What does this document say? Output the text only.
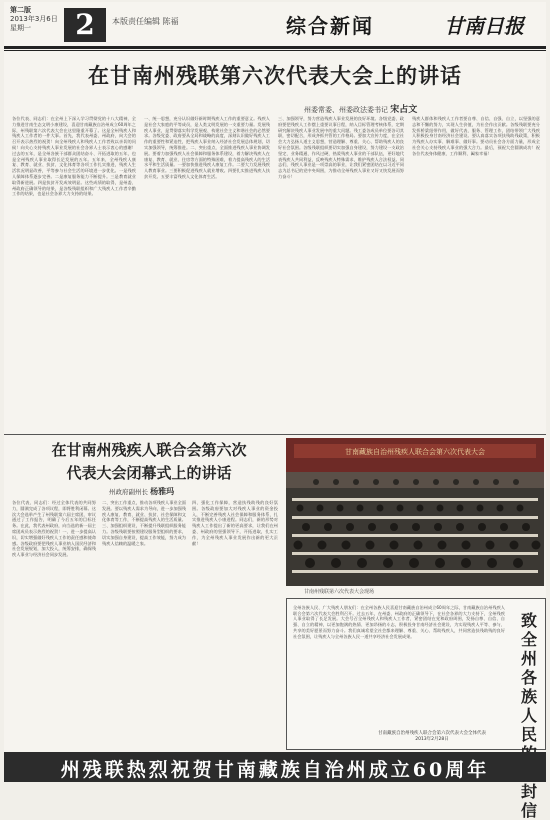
第二版
2013年3月6日
星期一	2	本版责任编辑 陈福	综合新闻	甘南日报
在甘南州残联第六次代表大会上的讲话
州委常委、州委政法委书记 宋占文
各位代表、同志们：在全州上下深入学习贯彻党的十八大精神，全力推进甘南生态文明小康建设，喜迎甘南藏族自治州成立60周年之际，州残联第六次代表大会在这里隆重开幕了。这是全州残疾人和残疾人工作者的一件大事。首先，我代表州委、州政府，向大会的召开表示热烈的祝贺！向全州残疾人和残疾人工作者致以亲切的问候！向关心支持残疾人事业发展的社会各界人士表示衷心的感谢！过去的五年，是全州各族干部群众团结奋斗、开拓进取的五年，也是全州残疾人事业取得长足发展的五年。五年来，全州残疾人康复、教育、就业、扶贫、文化体育等各项工作扎实推进，残疾人生活状况明显改善，平等参与社会生活的环境进一步优化。一是残疾人保障体系逐步完善。二是康复服务能力不断提升。三是教育就业取得新进展。四是扶贫开发成效明显。这些成绩的取得，是州委、州政府正确领导的结果，是各级残联组织和广大残疾人工作者辛勤工作的结果，也是社会各界大力支持的结果。
一、统一思想，充分认识做好新时期残疾人工作的重要意义。残疾人是社会大家庭的平等成员，是人类文明发展的一支重要力量。发展残疾人事业，是贯彻落实科学发展观、构建社会主义和谐社会的必然要求。各级党委、政府要从全局和战略的高度，深刻认识做好残疾人工作的重要性和紧迫性，把残疾人事业纳入经济社会发展总体规划，切实加强领导，统筹推进。二、突出重点，全面推进残疾人事业协调发展。要着力加强残疾人社会保障和服务体系建设，着力解决残疾人在康复、教育、就业、住房等方面的特殊困难，着力提高残疾人的生活水平和生活质量。一要加快推进残疾人康复工作。二要大力发展残疾人教育事业。三要积极促进残疾人就业增收。四要扎实推进残疾人扶贫开发。五要丰富残疾人文化体育生活。
三、加强领导，努力营造残疾人事业发展的良好环境。各级党委、政府要把残疾人工作摆上重要议事日程，纳入目标管理考核体系，定期研究解决残疾人事业发展中的重大问题。残工委各成员单位要各司其职，密切配合，形成齐抓共管的工作格局。要加大宣传力度，在全社会大力弘扬人道主义思想，营造理解、尊重、关心、帮助残疾人的良好社会氛围。各级残联组织要切实加强自身建设，努力建设一支政治坚定、业务精通、作风过硬、热爱残疾人事业的干部队伍，更好地代表残疾人共同利益，反映残疾人特殊需求，维护残疾人合法权益。同志们，残疾人事业是一项崇高的事业，让我们紧密团结在以习近平同志为总书记的党中央周围，为推动全州残疾人事业又好又快发展而努力奋斗！
残疾人群体和残疾人工作者要自尊、自信、自强、自立，以坚强的意志和不懈的努力，实现人生价值，为社会作出贡献。各级残联要充分发挥桥梁纽带作用，做好代表、服务、管理工作，团结带领广大残疾人积极投身甘南经济社会建设。要认真落实各项扶残助残政策，积极为残疾人办实事、解难事、做好事。要动员社会各方面力量，形成全社会关心支持残疾人事业的强大合力。最后，预祝大会圆满成功！祝各位代表身体健康、工作顺利、阖家幸福！
在甘南州残疾人联合会第六次
代表大会闭幕式上的讲话
州政府副州长 杨雅玛
各位代表、同志们：经过全体代表的共同努力，圆满完成了各项议程，即将胜利闭幕。这次大会选举产生了州残联第六届主席团，审议通过了工作报告，明确了今后五年的目标任务。在此，我代表州政府，向当选的新一届主席团成员表示热烈的祝贺！一、进一步提高认识，切实增强做好残疾人工作的责任感和使命感。各级政府要把残疾人事业纳入国民经济和社会发展规划，加大投入，统筹安排，确保残疾人事业与经济社会同步发展。
二、突出工作重点，推动各项残疾人事业全面发展。要以残疾人需求为导向，进一步加强残疾人康复、教育、就业、扶贫、社会保障和文化体育等工作，不断提高残疾人的生活质量。三、加强组织建设，不断提升残联组织服务能力。各级残联要按照建设服务型组织的要求，切实加强自身建设，提高工作效能，努力成为残疾人信赖的温暖之家。
四、强化工作保障，营造扶残助残的良好氛围。各级政府要加大对残疾人事业的资金投入，不断完善残疾人社会保障和服务体系，扎实推进残疾人小康进程。同志们，新的形势对残疾人工作提出了新的更高要求，让我们在州委、州政府的坚强领导下，开拓进取，扎实工作，为全州残疾人事业发展作出新的更大贡献！
甘南藏族自治州残疾人联合会第六次代表大会
甘南州残联第六次代表大会现场
全州各族人民、广大残疾人朋友们：在全州各族人民喜迎甘南藏族自治州成立60周年之际，甘南藏族自治州残疾人联合会第六次代表大会胜利召开。过去五年，在州委、州政府的正确领导下，在社会各界的大力支持下，全州残疾人事业取得了长足发展。大会号召全州残疾人和残疾人工作者，紧密团结在党和政府周围，发扬自尊、自信、自强、自立的精神，以更加饱满的热情、更加昂扬的斗志，积极投身甘南经济社会建设，为实现残疾人平等、参与、共享的美好愿景而努力奋斗。我们真诚希望全社会都来理解、尊重、关心、帮助残疾人，共同营造扶残助残的良好社会氛围，让残疾人与全州各族人民一道共享经济社会发展成果。
致全州各族人民 封信
甘南藏族自治州残疾人联合会第六次代表大会全体代表
2013年2月28日
州残联热烈祝贺甘南藏族自治州成立60周年
